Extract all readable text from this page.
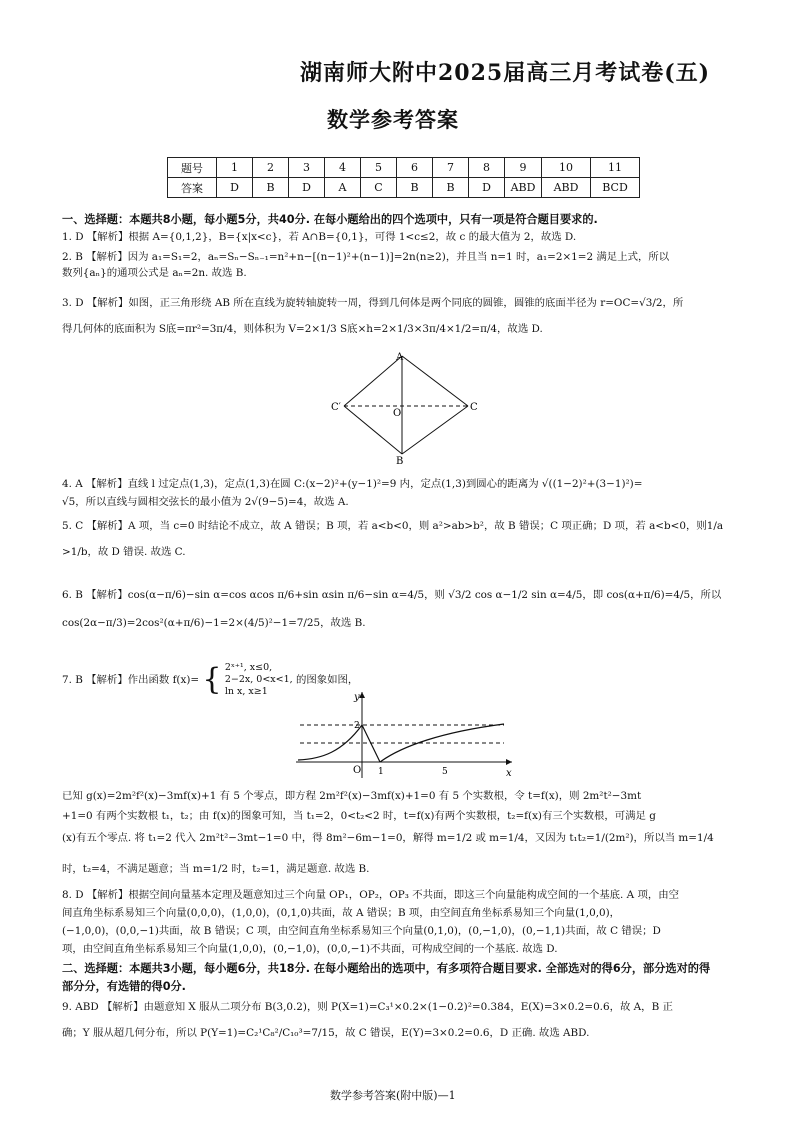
湖南师大附中2025届高三月考试卷(五)
数学参考答案
题号	1	2	3	4	5	6	7	8	9	10	11
答案	D	B	D	A	C	B	B	D	ABD	ABD	BCD
一、选择题：本题共8小题，每小题5分，共40分. 在每小题给出的四个选项中，只有一项是符合题目要求的.
1. D 【解析】根据 A={0,1,2}，B={x|x<c}，若 A∩B={0,1}，可得 1<c≤2，故 c 的最大值为 2，故选 D.
2. B 【解析】因为 a₁=S₁=2，aₙ=Sₙ−Sₙ₋₁=n²+n−[(n−1)²+(n−1)]=2n(n≥2)，并且当 n=1 时，a₁=2×1=2 满足上式，所以
数列{aₙ}的通项公式是 aₙ=2n. 故选 B.
3. D 【解析】如图，正三角形绕 AB 所在直线为旋转轴旋转一周，得到几何体是两个同底的圆锥，圆锥的底面半径为 r=OC=√3/2，所
得几何体的底面积为 S底=πr²=3π/4，则体积为 V=2×1/3 S底×h=2×1/3×3π/4×1/2=π/4，故选 D.
A
B
C
C′
O
4. A 【解析】直线 l 过定点(1,3)，定点(1,3)在圆 C:(x−2)²+(y−1)²=9 内，定点(1,3)到圆心的距离为 √((1−2)²+(3−1)²)=
√5，所以直线与圆相交弦长的最小值为 2√(9−5)=4，故选 A.
5. C 【解析】A 项，当 c=0 时结论不成立，故 A 错误；B 项，若 a<b<0，则 a²>ab>b²，故 B 错误；C 项正确；D 项，若 a<b<0，则1/a
>1/b，故 D 错误. 故选 C.
6. B 【解析】cos(α−π/6)−sin α=cos αcos π/6+sin αsin π/6−sin α=4/5，则 √3/2 cos α−1/2 sin α=4/5，即 cos(α+π/6)=4/5，所以
cos(2α−π/3)=2cos²(α+π/6)−1=2×(4/5)²−1=7/25，故选 B.
7. B 【解析】作出函数 f(x)= { 2ˣ⁺¹, x≤0,
2−2x, 0<x<1,
ln x, x≥1
的图象如图，
y
x
O 1	5
2
已知 g(x)=2m²f²(x)−3mf(x)+1 有 5 个零点，即方程 2m²f²(x)−3mf(x)+1=0 有 5 个实数根，令 t=f(x)，则 2m²t²−3mt
+1=0 有两个实数根 t₁，t₂；由 f(x)的图象可知，当 t₁=2，0<t₂<2 时，t=f(x)有两个实数根，t₂=f(x)有三个实数根，可满足 g
(x)有五个零点. 将 t₁=2 代入 2m²t²−3mt−1=0 中，得 8m²−6m−1=0，解得 m=1/2 或 m=1/4，又因为 t₁t₂=1/(2m²)，所以当 m=1/4
时，t₂=4，不满足题意；当 m=1/2 时，t₂=1，满足题意. 故选 B.
8. D 【解析】根据空间向量基本定理及题意知过三个向量 OP₁，OP₂，OP₃ 不共面，即这三个向量能构成空间的一个基底. A 项，由空
间直角坐标系易知三个向量(0,0,0)，(1,0,0)，(0,1,0)共面，故 A 错误；B 项，由空间直角坐标系易知三个向量(1,0,0)，
(−1,0,0)，(0,0,−1)共面，故 B 错误；C 项，由空间直角坐标系易知三个向量(0,1,0)，(0,−1,0)，(0,−1,1)共面，故 C 错误；D
项，由空间直角坐标系易知三个向量(1,0,0)，(0,−1,0)，(0,0,−1)不共面，可构成空间的一个基底. 故选 D.
二、选择题：本题共3小题，每小题6分，共18分. 在每小题给出的选项中，有多项符合题目要求. 全部选对的得6分，部分选对的得
部分分，有选错的得0分.
9. ABD 【解析】由题意知 X 服从二项分布 B(3,0.2)，则 P(X=1)=C₃¹×0.2×(1−0.2)²=0.384，E(X)=3×0.2=0.6，故 A，B 正
确；Y 服从超几何分布，所以 P(Y=1)=C₂¹C₈²/C₁₀³=7/15，故 C 错误，E(Y)=3×0.2=0.6，D 正确. 故选 ABD.
数学参考答案(附中版)—1
